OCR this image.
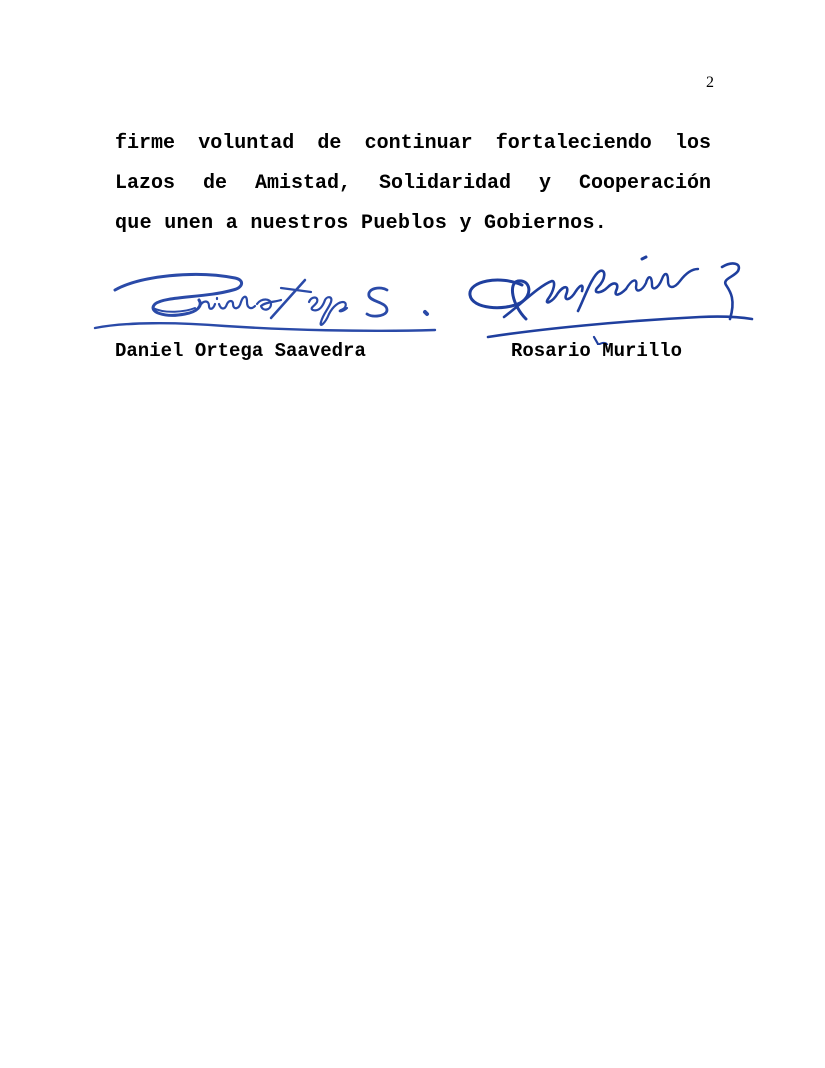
2
firme voluntad de continuar fortaleciendo los
Lazos de Amistad, Solidaridad y Cooperación
que unen a nuestros Pueblos y Gobiernos.
Daniel Ortega Saavedra	Rosario Murillo
